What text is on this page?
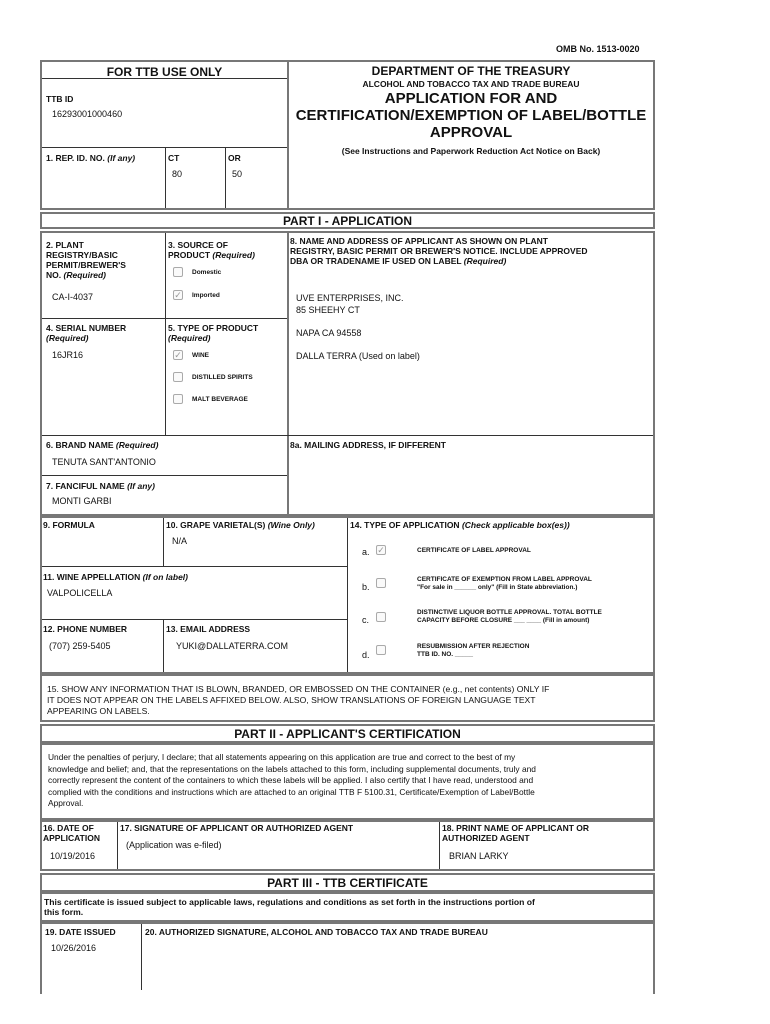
OMB No. 1513-0020
FOR TTB USE ONLY
TTB ID
16293001000460
1. REP. ID. NO. (If any)	CT
80
OR
50
DEPARTMENT OF THE TREASURY
ALCOHOL AND TOBACCO TAX AND TRADE BUREAU
APPLICATION FOR AND
CERTIFICATION/EXEMPTION OF LABEL/BOTTLE
APPROVAL
(See Instructions and Paperwork Reduction Act Notice on Back)
PART I - APPLICATION
2. PLANT
REGISTRY/BASIC
PERMIT/BREWER'S
NO. (Required)
CA-I-4037
3. SOURCE OF
PRODUCT (Required)
Domestic
✓ Imported
4. SERIAL NUMBER
(Required)
16JR16
5. TYPE OF PRODUCT
(Required)
✓ WINE
DISTILLED SPIRITS
MALT BEVERAGE
8. NAME AND ADDRESS OF APPLICANT AS SHOWN ON PLANT
REGISTRY, BASIC PERMIT OR BREWER'S NOTICE. INCLUDE APPROVED
DBA OR TRADENAME IF USED ON LABEL (Required)
UVE ENTERPRISES, INC.
85 SHEEHY CT
NAPA CA 94558
DALLA TERRA (Used on label)
6. BRAND NAME (Required)
TENUTA SANT'ANTONIO
8a. MAILING ADDRESS, IF DIFFERENT
7. FANCIFUL NAME (If any)
MONTI GARBI
9. FORMULA	10. GRAPE VARIETAL(S) (Wine Only)
N/A
14. TYPE OF APPLICATION (Check applicable box(es))
a. ✓	CERTIFICATE OF LABEL APPROVAL
b.
CERTIFICATE OF EXEMPTION FROM LABEL APPROVAL
"For sale in ______ only" (Fill in State abbreviation.)
c.
DISTINCTIVE LIQUOR BOTTLE APPROVAL. TOTAL BOTTLE
CAPACITY BEFORE CLOSURE ___ ____ (Fill in amount)
d.
RESUBMISSION AFTER REJECTION
TTB ID. NO. _____
11. WINE APPELLATION (If on label)
VALPOLICELLA
12. PHONE NUMBER
(707) 259-5405
13. EMAIL ADDRESS
YUKI@DALLATERRA.COM
15. SHOW ANY INFORMATION THAT IS BLOWN, BRANDED, OR EMBOSSED ON THE CONTAINER (e.g., net contents) ONLY IF
IT DOES NOT APPEAR ON THE LABELS AFFIXED BELOW. ALSO, SHOW TRANSLATIONS OF FOREIGN LANGUAGE TEXT
APPEARING ON LABELS.
PART II - APPLICANT'S CERTIFICATION
Under the penalties of perjury, I declare; that all statements appearing on this application are true and correct to the best of my
knowledge and belief; and, that the representations on the labels attached to this form, including supplemental documents, truly and
correctly represent the content of the containers to which these labels will be applied. I also certify that I have read, understood and
complied with the conditions and instructions which are attached to an original TTB F 5100.31, Certificate/Exemption of Label/Bottle
Approval.
16. DATE OF
APPLICATION
10/19/2016
17. SIGNATURE OF APPLICANT OR AUTHORIZED AGENT
(Application was e-filed)
18. PRINT NAME OF APPLICANT OR
AUTHORIZED AGENT
BRIAN LARKY
PART III - TTB CERTIFICATE
This certificate is issued subject to applicable laws, regulations and conditions as set forth in the instructions portion of
this form.
19. DATE ISSUED
10/26/2016
20. AUTHORIZED SIGNATURE, ALCOHOL AND TOBACCO TAX AND TRADE BUREAU
